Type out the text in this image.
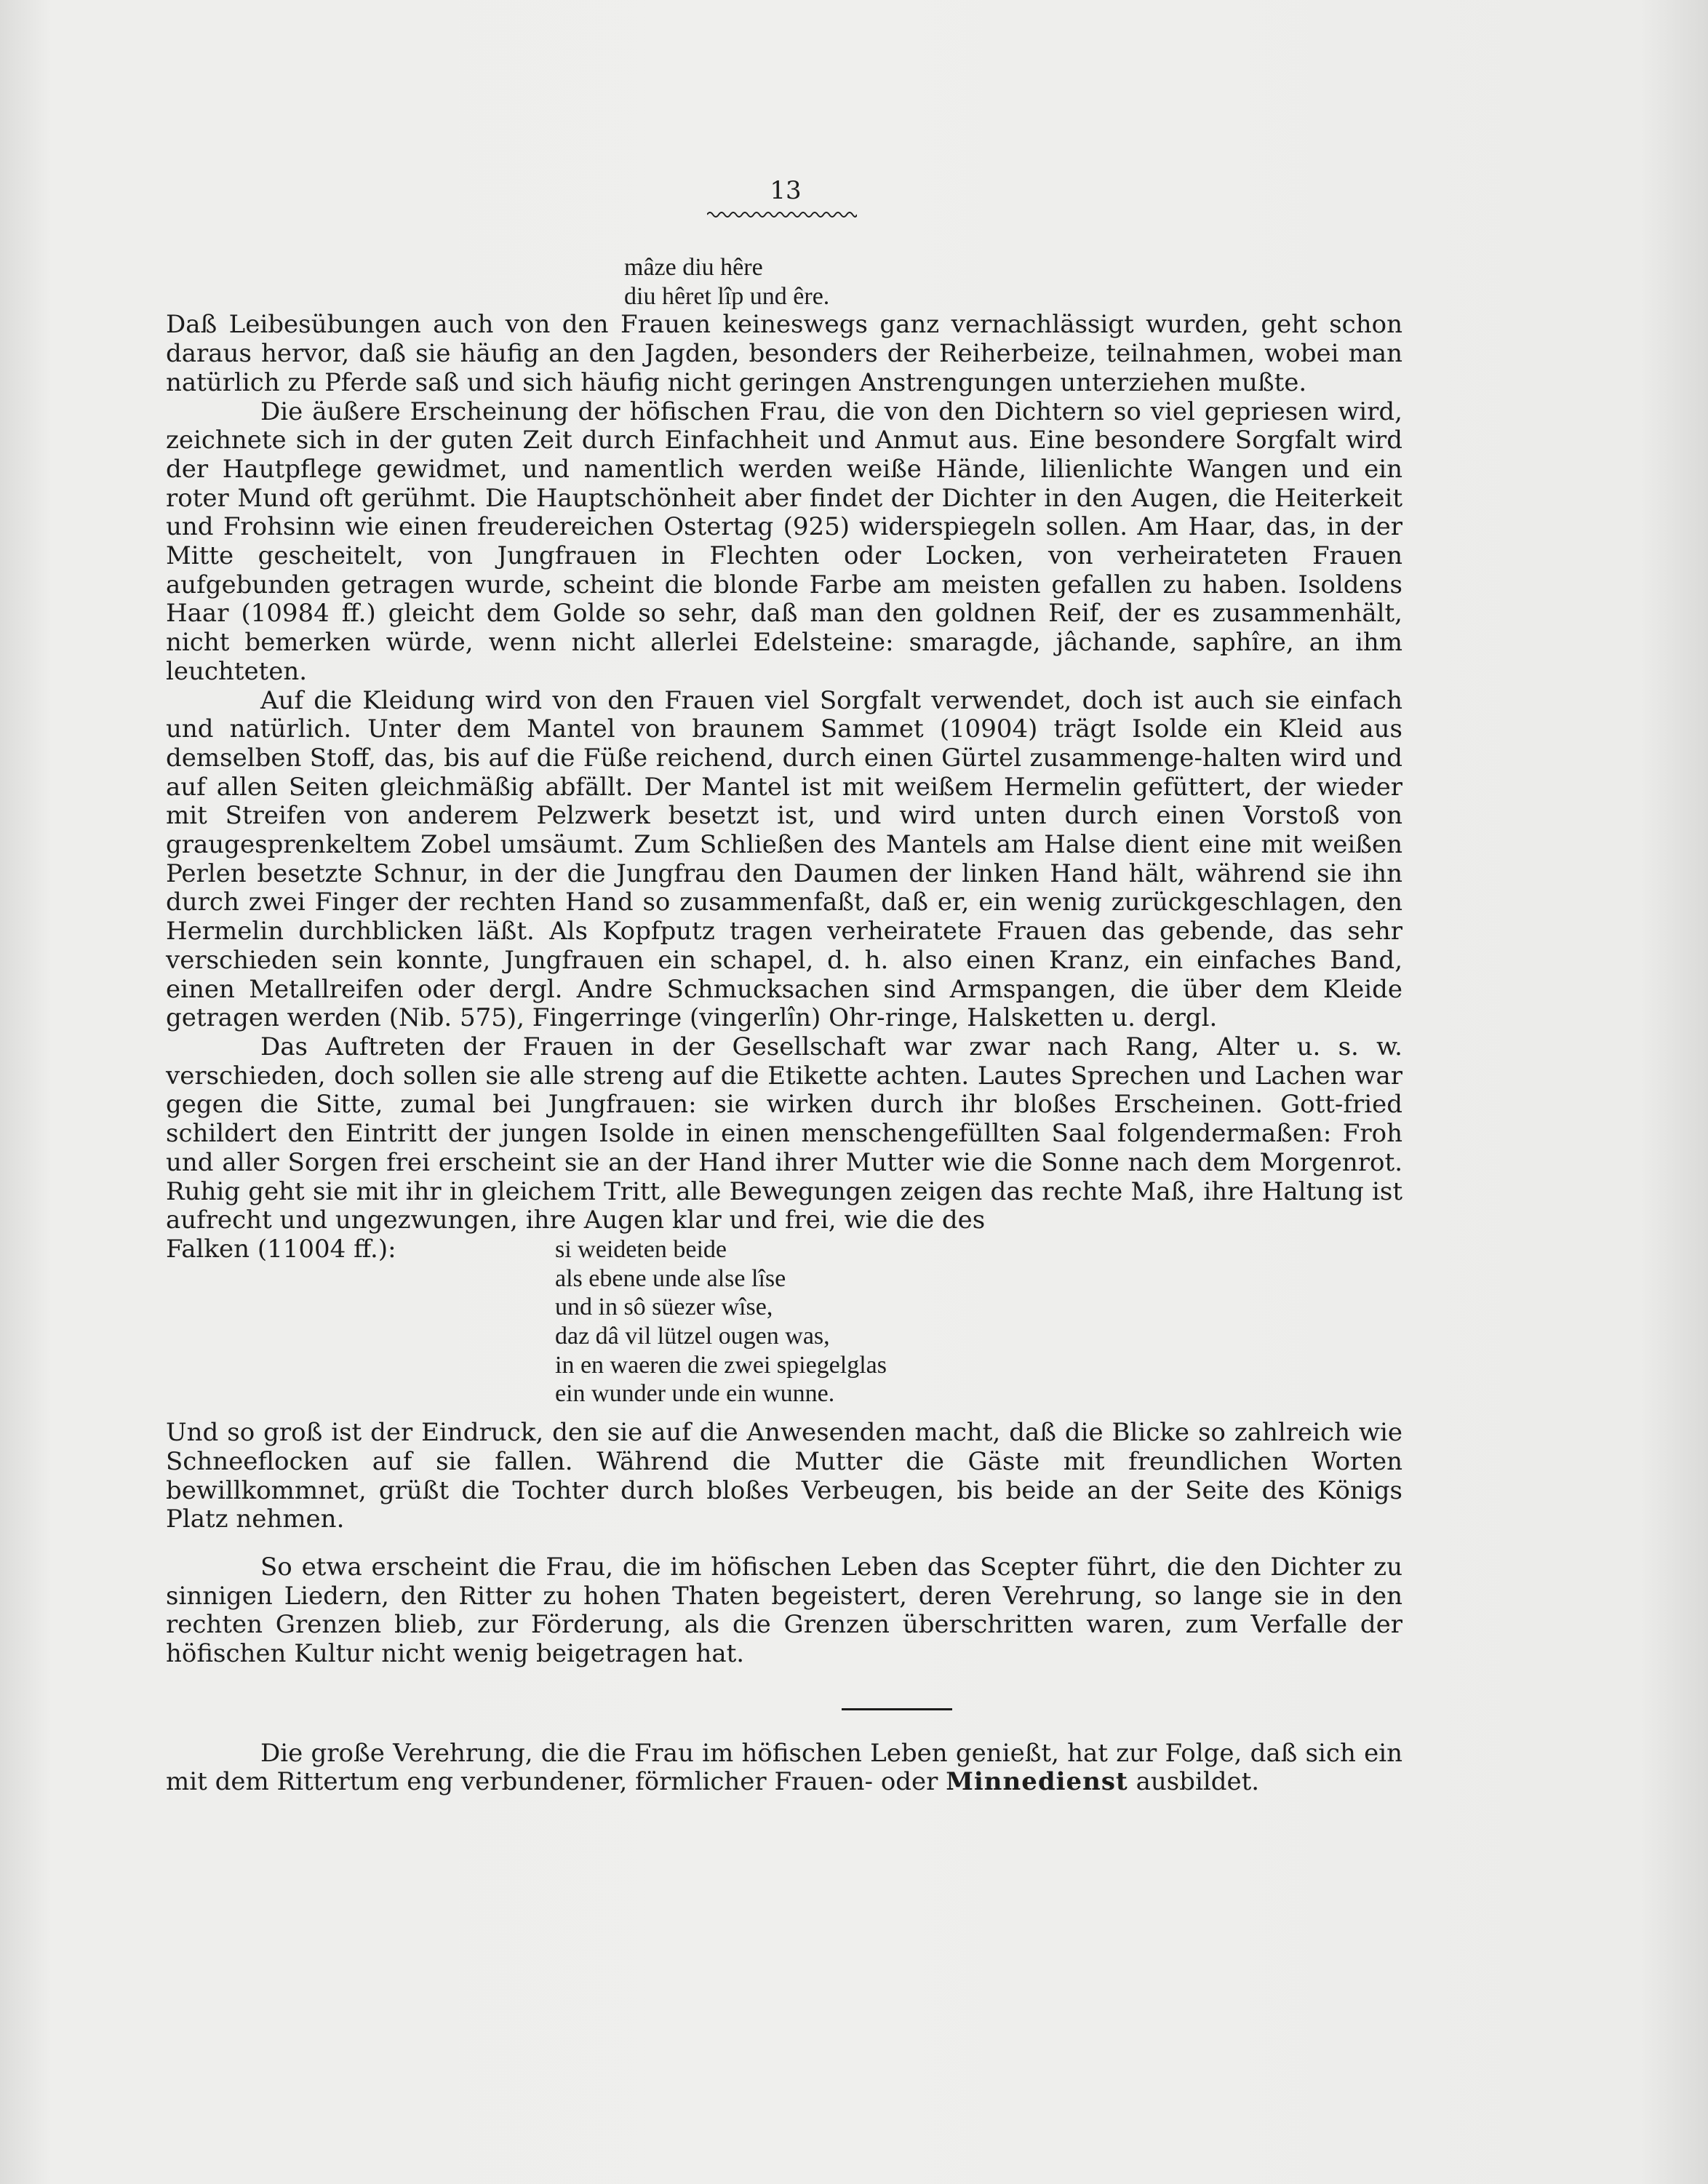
13
mâze diu hêre
diu hêret lîp und êre.

Daß Leibesübungen auch von den Frauen keineswegs ganz vernachlässigt wurden, geht schon daraus hervor, daß sie häufig an den Jagden, besonders der Reiherbeize, teilnahmen, wobei man natürlich zu Pferde saß und sich häufig nicht geringen Anstrengungen unterziehen mußte.

Die äußere Erscheinung der höfischen Frau, die von den Dichtern so viel gepriesen wird, zeichnete sich in der guten Zeit durch Einfachheit und Anmut aus. Eine besondere Sorgfalt wird der Hautpflege gewidmet, und namentlich werden weiße Hände, lilienlichte Wangen und ein roter Mund oft gerühmt. Die Hauptschönheit aber findet der Dichter in den Augen, die Heiterkeit und Frohsinn wie einen freudereichen Ostertag (925) widerspiegeln sollen. Am Haar, das, in der Mitte gescheitelt, von Jungfrauen in Flechten oder Locken, von verheirateten Frauen aufgebunden getragen wurde, scheint die blonde Farbe am meisten gefallen zu haben. Isoldens Haar (10984 ff.) gleicht dem Golde so sehr, daß man den goldnen Reif, der es zusammenhält, nicht bemerken würde, wenn nicht allerlei Edelsteine: smaragde, jâchande, saphîre, an ihm leuchteten.

Auf die Kleidung wird von den Frauen viel Sorgfalt verwendet, doch ist auch sie einfach und natürlich. Unter dem Mantel von braunem Sammet (10904) trägt Isolde ein Kleid aus demselben Stoff, das, bis auf die Füße reichend, durch einen Gürtel zusammenge-halten wird und auf allen Seiten gleichmäßig abfällt. Der Mantel ist mit weißem Hermelin gefüttert, der wieder mit Streifen von anderem Pelzwerk besetzt ist, und wird unten durch einen Vorstoß von graugesprenkeltem Zobel umsäumt. Zum Schließen des Mantels am Halse dient eine mit weißen Perlen besetzte Schnur, in der die Jungfrau den Daumen der linken Hand hält, während sie ihn durch zwei Finger der rechten Hand so zusammenfaßt, daß er, ein wenig zurückgeschlagen, den Hermelin durchblicken läßt. Als Kopfputz tragen verheiratete Frauen das gebende, das sehr verschieden sein konnte, Jungfrauen ein schapel, d. h. also einen Kranz, ein einfaches Band, einen Metallreifen oder dergl. Andre Schmucksachen sind Armspangen, die über dem Kleide getragen werden (Nib. 575), Fingerringe (vingerlîn) Ohr-ringe, Halsketten u. dergl.

Das Auftreten der Frauen in der Gesellschaft war zwar nach Rang, Alter u. s. w. verschieden, doch sollen sie alle streng auf die Etikette achten. Lautes Sprechen und Lachen war gegen die Sitte, zumal bei Jungfrauen: sie wirken durch ihr bloßes Erscheinen. Gott-fried schildert den Eintritt der jungen Isolde in einen menschengefüllten Saal folgendermaßen: Froh und aller Sorgen frei erscheint sie an der Hand ihrer Mutter wie die Sonne nach dem Morgenrot. Ruhig geht sie mit ihr in gleichem Tritt, alle Bewegungen zeigen das rechte Maß, ihre Haltung ist aufrecht und ungezwungen, ihre Augen klar und frei, wie die des

Falken (11004 ff.):	si weideten beide
als ebene unde alse lîse
und in sô süezer wîse,
daz dâ vil lützel ougen was,
in en waeren die zwei spiegelglas
ein wunder unde ein wunne.

Und so groß ist der Eindruck, den sie auf die Anwesenden macht, daß die Blicke so zahlreich wie Schneeflocken auf sie fallen. Während die Mutter die Gäste mit freundlichen Worten bewillkommnet, grüßt die Tochter durch bloßes Verbeugen, bis beide an der Seite des Königs Platz nehmen.

So etwa erscheint die Frau, die im höfischen Leben das Scepter führt, die den Dichter zu sinnigen Liedern, den Ritter zu hohen Thaten begeistert, deren Verehrung, so lange sie in den rechten Grenzen blieb, zur Förderung, als die Grenzen überschritten waren, zum Verfalle der höfischen Kultur nicht wenig beigetragen hat.

Die große Verehrung, die die Frau im höfischen Leben genießt, hat zur Folge, daß sich ein mit dem Rittertum eng verbundener, förmlicher Frauen- oder Minnedienst ausbildet.
